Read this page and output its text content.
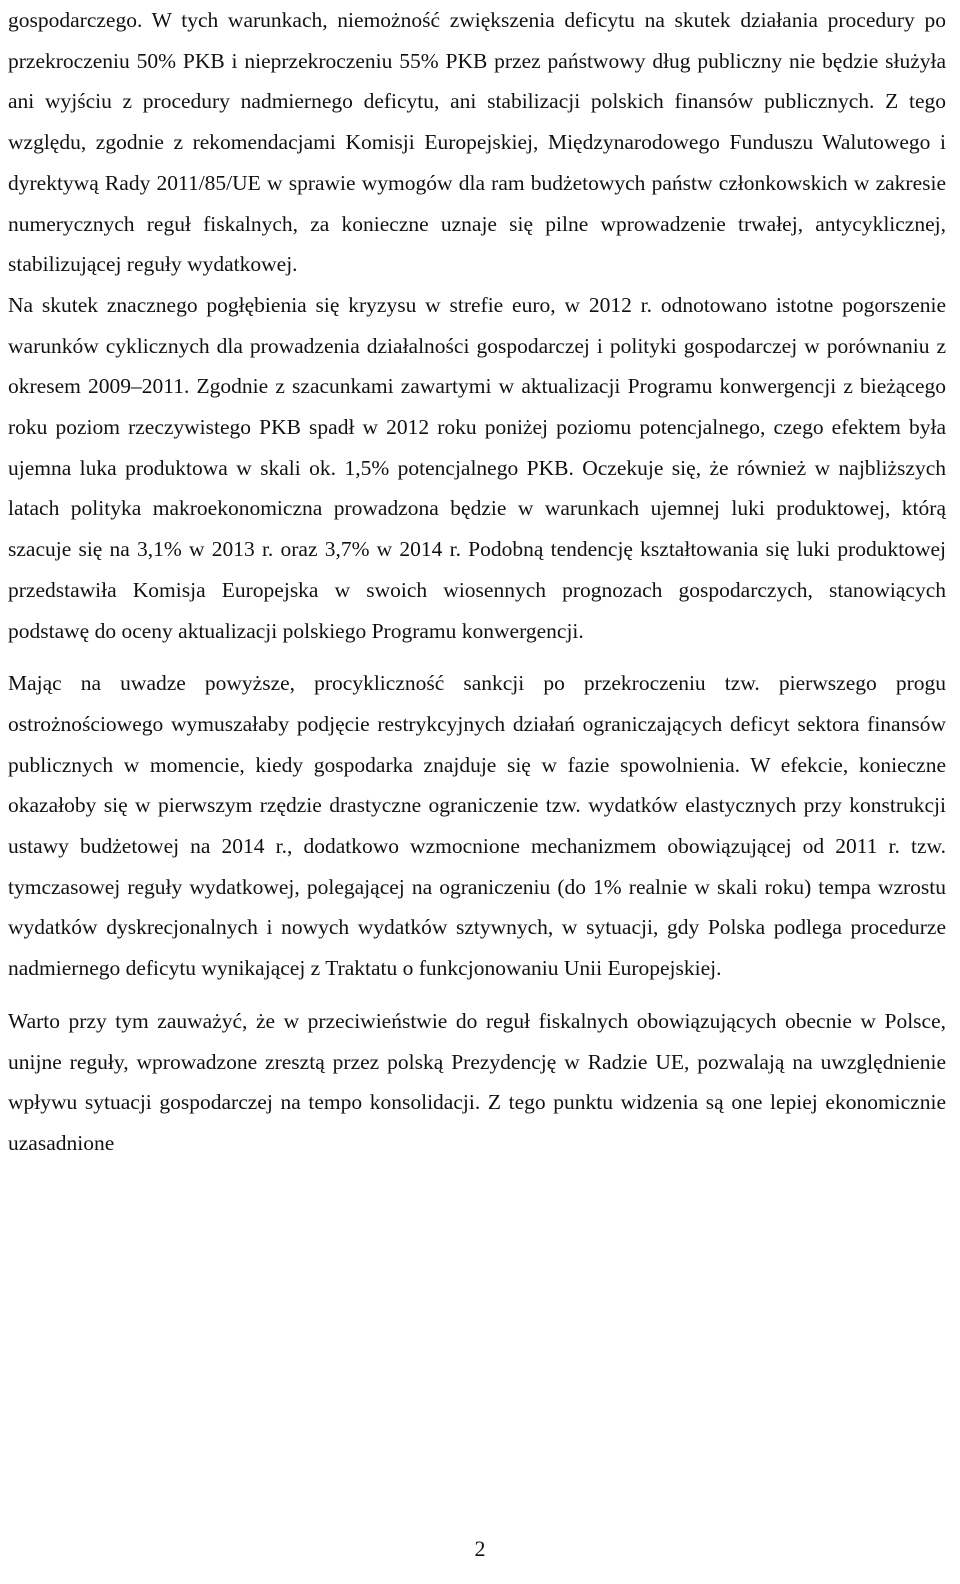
gospodarczego. W tych warunkach, niemożność zwiększenia deficytu na skutek działania procedury po przekroczeniu 50% PKB i nieprzekroczeniu 55% PKB przez państwowy dług publiczny nie będzie służyła ani wyjściu z procedury nadmiernego deficytu, ani stabilizacji polskich finansów publicznych. Z tego względu, zgodnie z rekomendacjami Komisji Europejskiej, Międzynarodowego Funduszu Walutowego i dyrektywą Rady 2011/85/UE w sprawie wymogów dla ram budżetowych państw członkowskich w zakresie numerycznych reguł fiskalnych, za konieczne uznaje się pilne wprowadzenie trwałej, antycyklicznej, stabilizującej reguły wydatkowej.

Na skutek znacznego pogłębienia się kryzysu w strefie euro, w 2012 r. odnotowano istotne pogorszenie warunków cyklicznych dla prowadzenia działalności gospodarczej i polityki gospodarczej w porównaniu z okresem 2009–2011. Zgodnie z szacunkami zawartymi w aktualizacji Programu konwergencji z bieżącego roku poziom rzeczywistego PKB spadł w 2012 roku poniżej poziomu potencjalnego, czego efektem była ujemna luka produktowa w skali ok. 1,5% potencjalnego PKB. Oczekuje się, że również w najbliższych latach polityka makroekonomiczna prowadzona będzie w warunkach ujemnej luki produktowej, którą szacuje się na 3,1% w 2013 r. oraz 3,7% w 2014 r. Podobną tendencję kształtowania się luki produktowej przedstawiła Komisja Europejska w swoich wiosennych prognozach gospodarczych, stanowiących podstawę do oceny aktualizacji polskiego Programu konwergencji.

Mając na uwadze powyższe, procykliczność sankcji po przekroczeniu tzw. pierwszego progu ostrożnościowego wymuszałaby podjęcie restrykcyjnych działań ograniczających deficyt sektora finansów publicznych w momencie, kiedy gospodarka znajduje się w fazie spowolnienia. W efekcie, konieczne okazałoby się w pierwszym rzędzie drastyczne ograniczenie tzw. wydatków elastycznych przy konstrukcji ustawy budżetowej na 2014 r., dodatkowo wzmocnione mechanizmem obowiązującej od 2011 r. tzw. tymczasowej reguły wydatkowej, polegającej na ograniczeniu (do 1% realnie w skali roku) tempa wzrostu wydatków dyskrecjonalnych i nowych wydatków sztywnych, w sytuacji, gdy Polska podlega procedurze nadmiernego deficytu wynikającej z Traktatu o funkcjonowaniu Unii Europejskiej.

Warto przy tym zauważyć, że w przeciwieństwie do reguł fiskalnych obowiązujących obecnie w Polsce, unijne reguły, wprowadzone zresztą przez polską Prezydencję w Radzie UE, pozwalają na uwzględnienie wpływu sytuacji gospodarczej na tempo konsolidacji. Z tego punktu widzenia są one lepiej ekonomicznie uzasadnione

2
